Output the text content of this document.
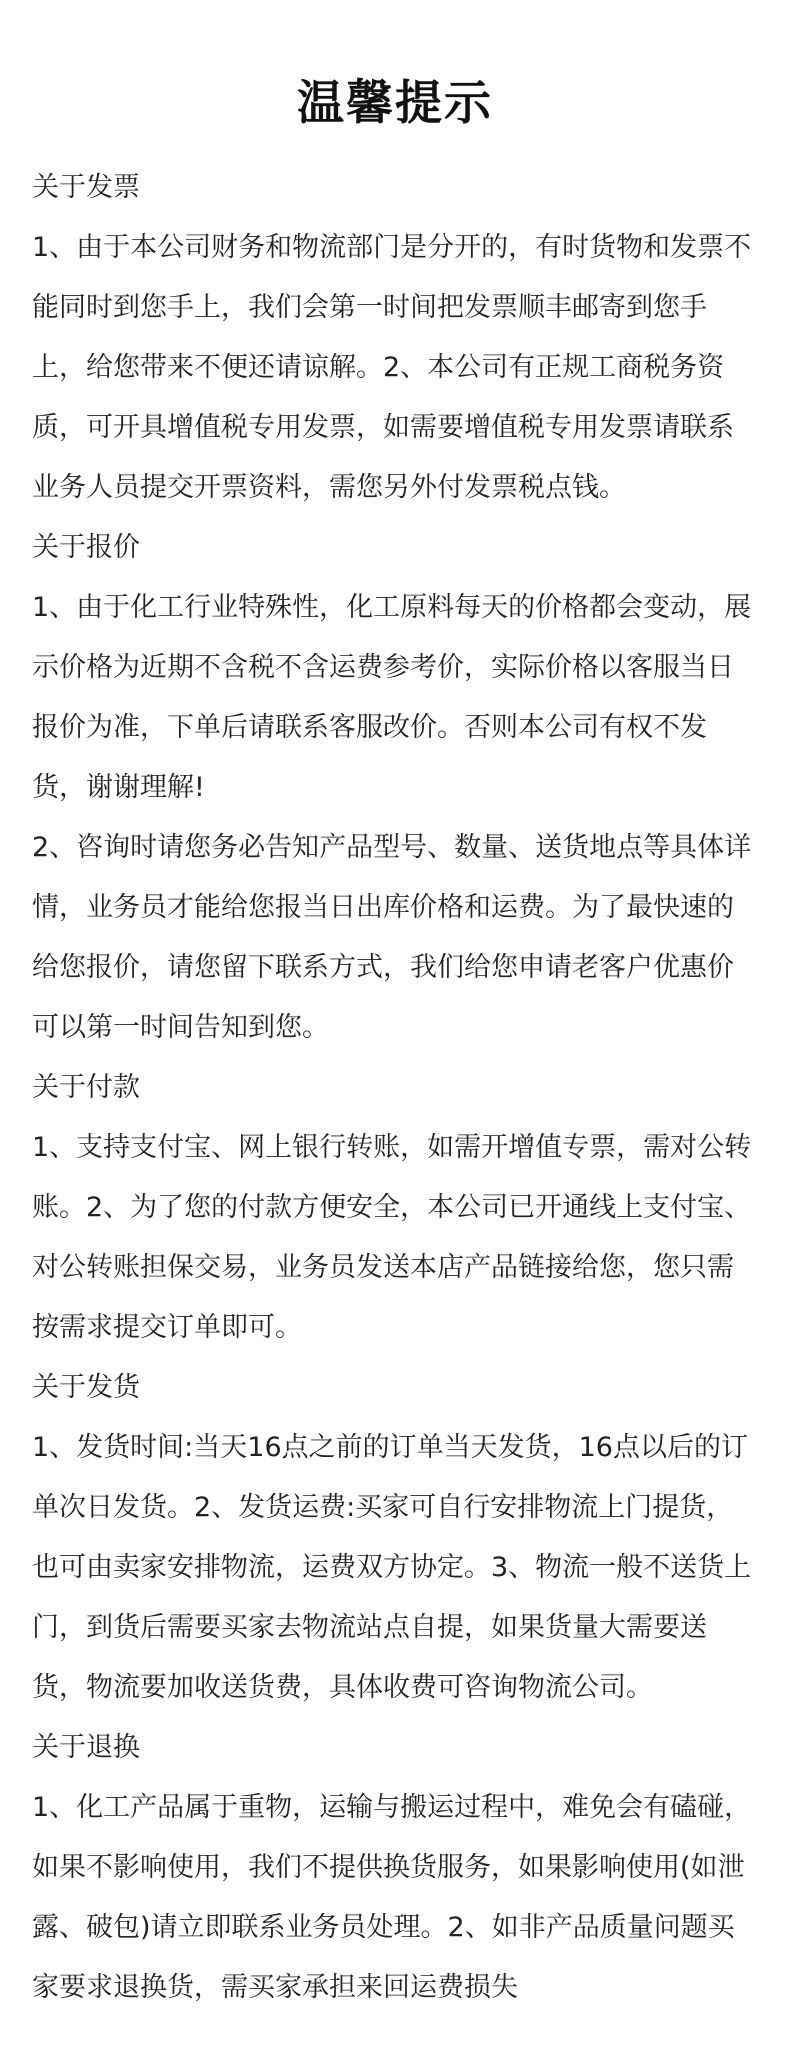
温馨提示

关于发票

1、由于本公司财务和物流部门是分开的，有时货物和发票不能同时到您手上，我们会第一时间把发票顺丰邮寄到您手上，给您带来不便还请谅解。2、本公司有正规工商税务资质，可开具增值税专用发票，如需要增值税专用发票请联系业务人员提交开票资料，需您另外付发票税点钱。

关于报价

1、由于化工行业特殊性，化工原料每天的价格都会变动，展示价格为近期不含税不含运费参考价，实际价格以客服当日报价为准，下单后请联系客服改价。否则本公司有权不发货，谢谢理解!

2、咨询时请您务必告知产品型号、数量、送货地点等具体详情，业务员才能给您报当日出库价格和运费。为了最快速的给您报价，请您留下联系方式，我们给您申请老客户优惠价可以第一时间告知到您。

关于付款

1、支持支付宝、网上银行转账，如需开增值专票，需对公转账。2、为了您的付款方便安全，本公司已开通线上支付宝、对公转账担保交易，业务员发送本店产品链接给您，您只需按需求提交订单即可。

关于发货

1、发货时间:当天16点之前的订单当天发货，16点以后的订单次日发货。2、发货运费:买家可自行安排物流上门提货，也可由卖家安排物流，运费双方协定。3、物流一般不送货上门，到货后需要买家去物流站点自提，如果货量大需要送货，物流要加收送货费，具体收费可咨询物流公司。

关于退换

1、化工产品属于重物，运输与搬运过程中，难免会有磕碰，如果不影响使用，我们不提供换货服务，如果影响使用(如泄露、破包)请立即联系业务员处理。2、如非产品质量问题买家要求退换货，需买家承担来回运费损失
